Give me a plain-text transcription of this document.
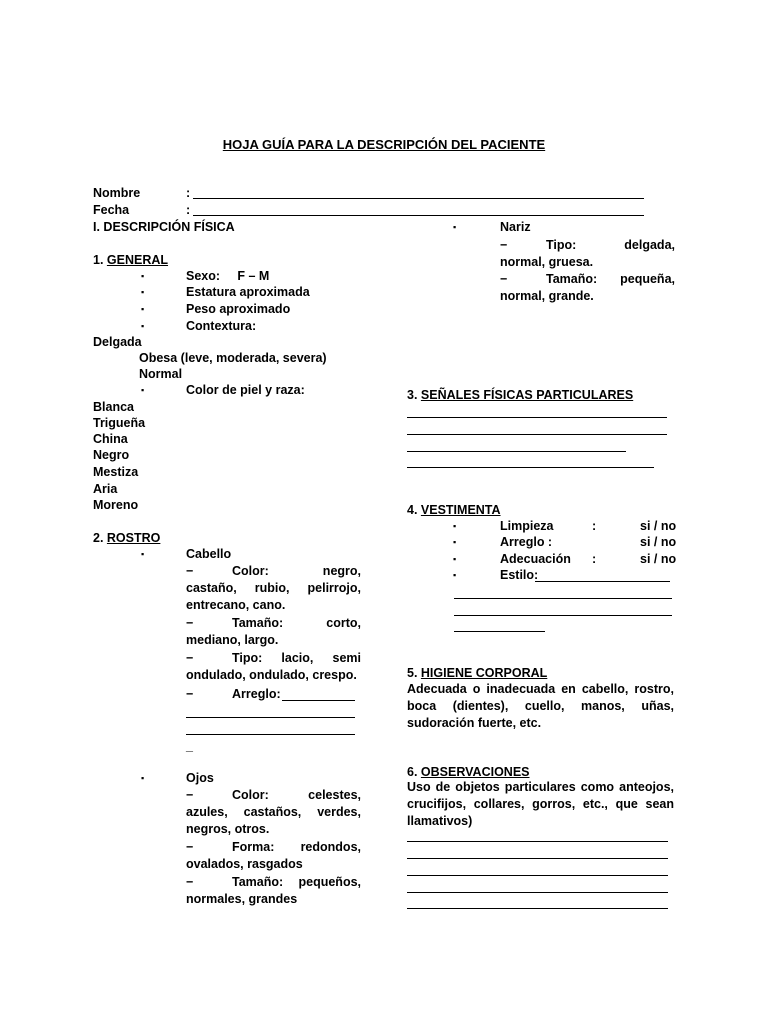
HOJA GUÍA PARA LA DESCRIPCIÓN DEL PACIENTE
Nombre	:
Fecha	:
I. DESCRIPCIÓN FÍSICA
1. GENERAL
▪	Sexo:     F – M
▪	Estatura aproximada
▪	Peso aproximado
▪	Contextura:
Delgada
Obesa (leve, moderada, severa)
Normal
▪	Color de piel y raza:
Blanca
Trigueña
China
Negro
Mestiza
Aria
Moreno
2. ROSTRO
▪	Cabello
−	Color: negro, castaño, rubio, pelirrojo, entrecano, cano.
−	Tamaño: corto, mediano, largo.
−	Tipo: lacio, semi ondulado, ondulado, crespo.
−	Arreglo:
_
▪	Ojos
−	Color: celestes, azules, castaños, verdes, negros, otros.
−	Forma: redondos, ovalados, rasgados
−	Tamaño: pequeños, normales, grandes
▪	Nariz
−	Tipo: delgada, normal, gruesa.
−	Tamaño: pequeña, normal, grande.
3. SEÑALES FÍSICAS PARTICULARES
4. VESTIMENTA
▪	Limpieza	:	si / no
▪	Arreglo :	si / no
▪	Adecuación :	si / no
▪	Estilo:
5. HIGIENE CORPORAL
Adecuada o inadecuada en cabello, rostro, boca (dientes), cuello, manos, uñas, sudoración fuerte, etc.
6. OBSERVACIONES
Uso de objetos particulares como anteojos, crucifijos, collares, gorros, etc., que sean llamativos)
